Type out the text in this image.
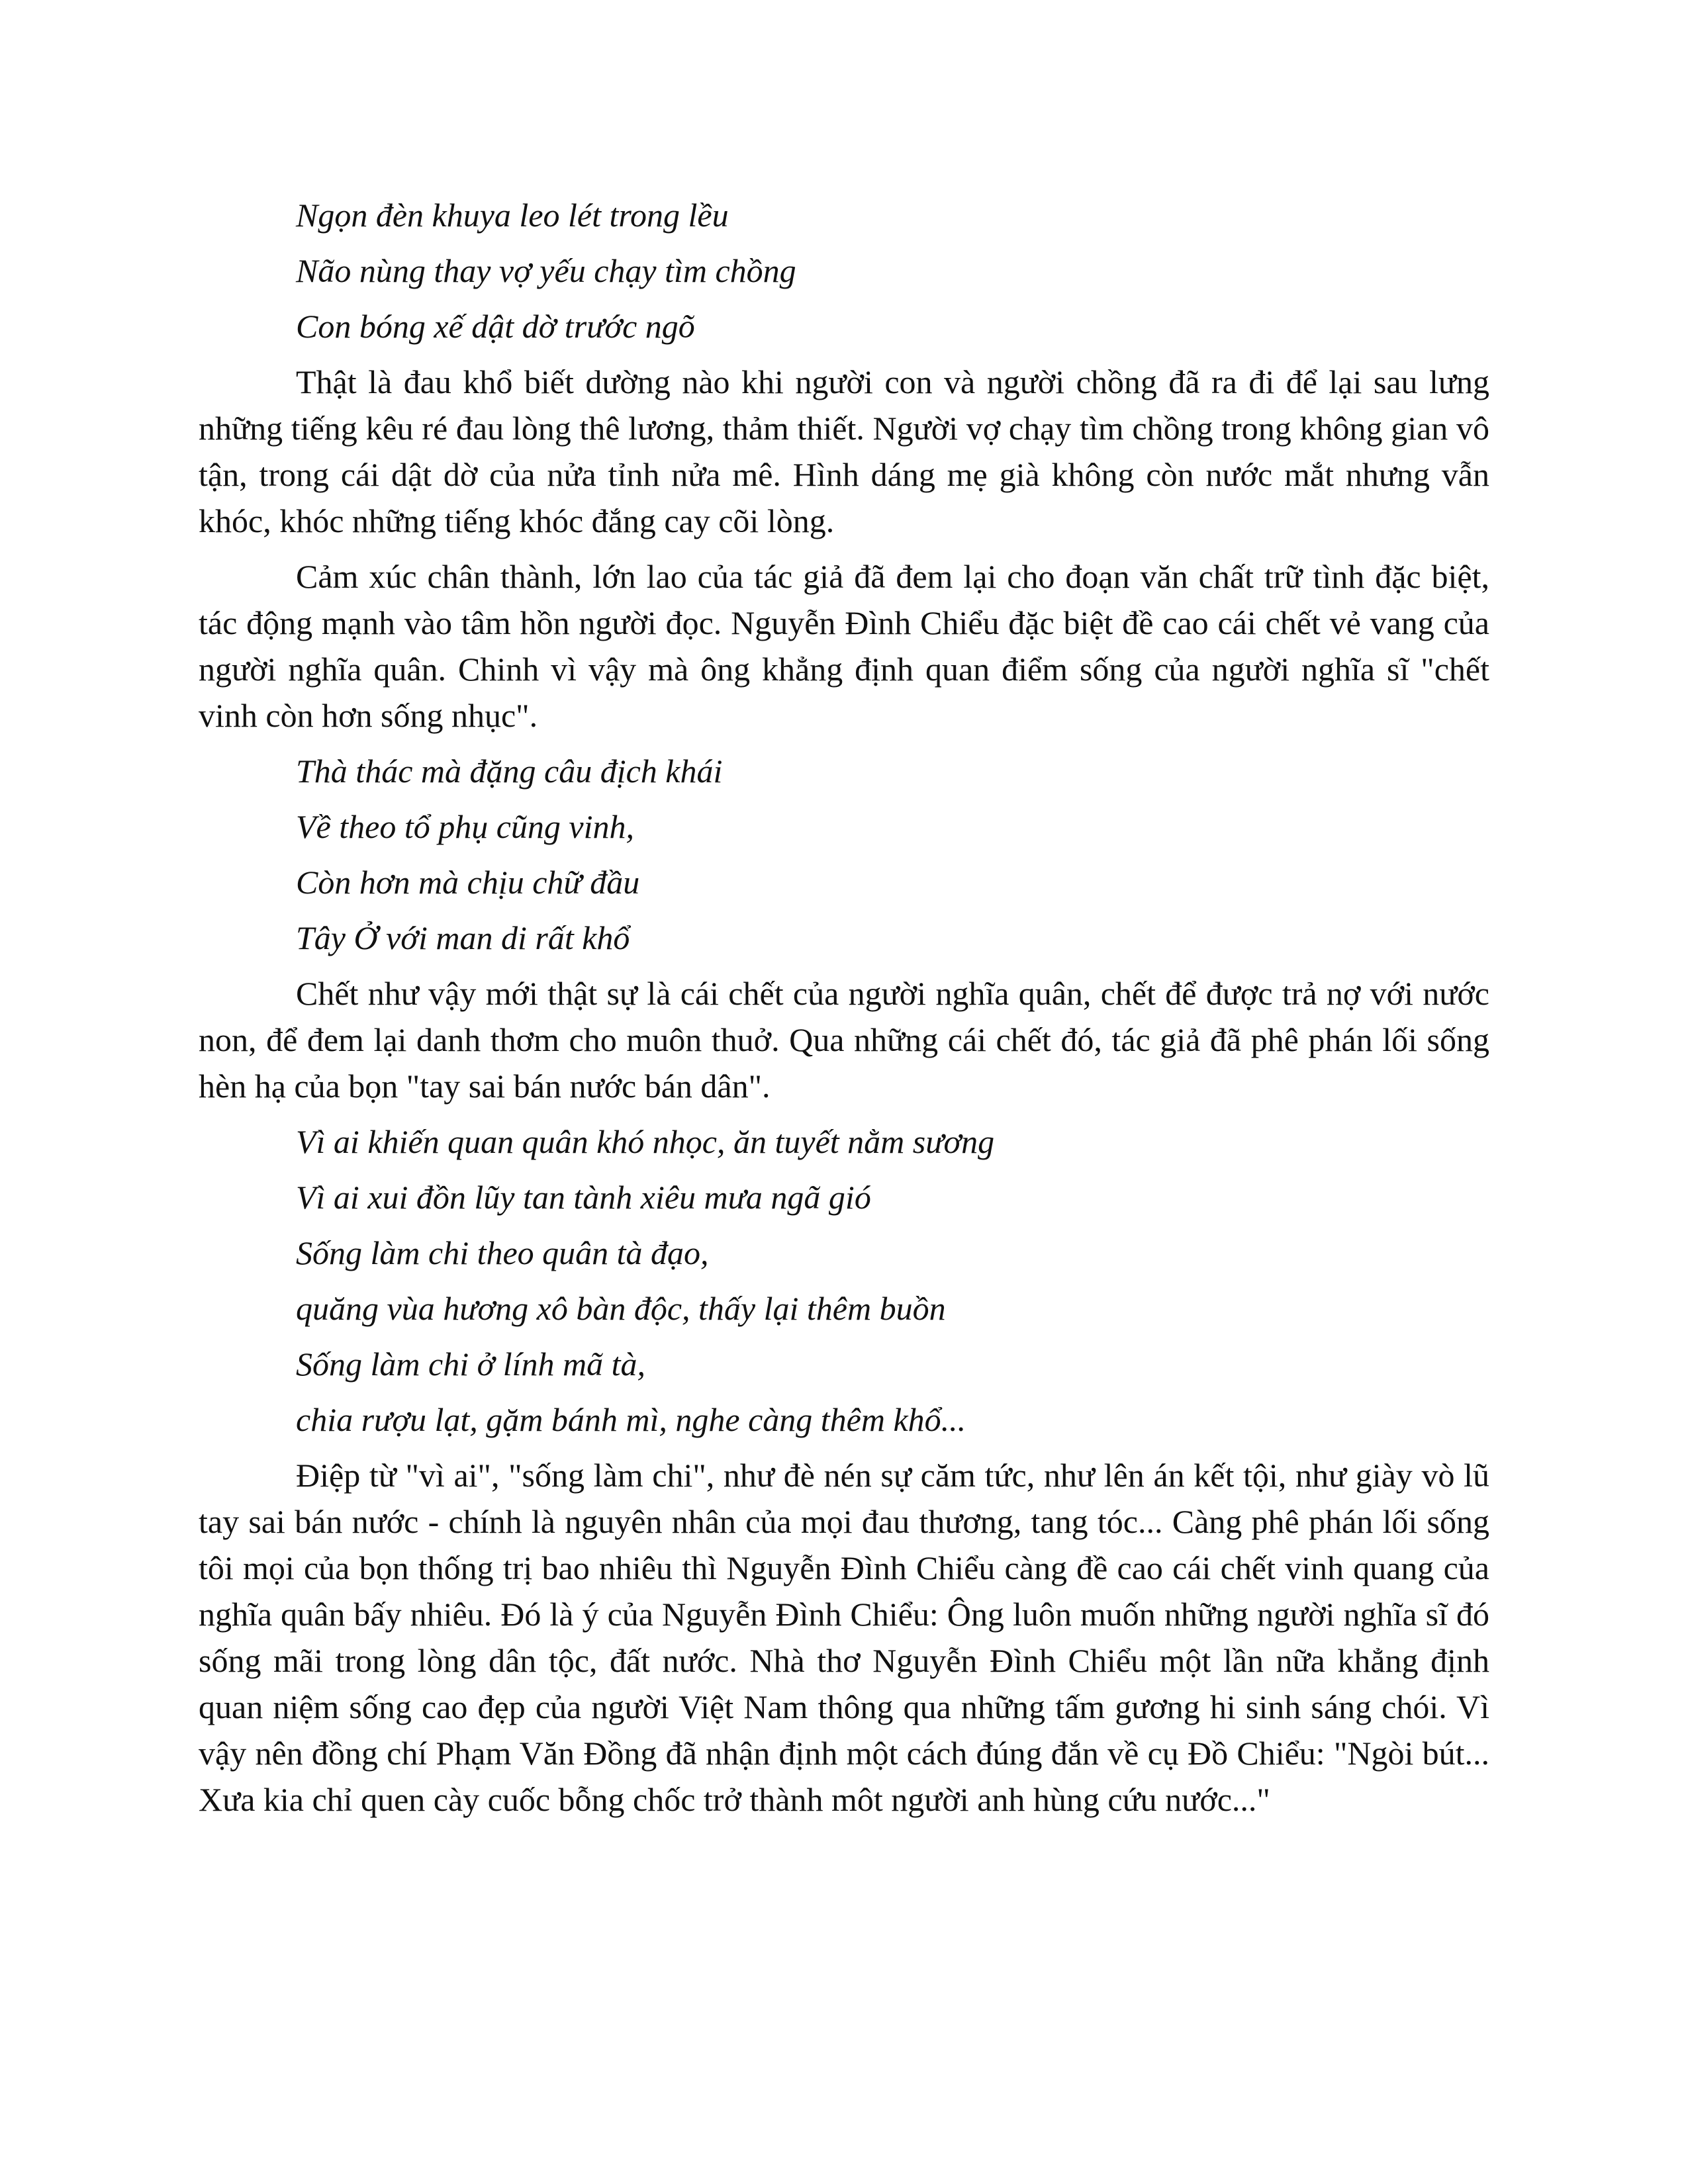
Ngọn đèn khuya leo lét trong lều

Não nùng thay vợ yếu chạy tìm chồng

Con bóng xế dật dờ trước ngõ

Thật là đau khổ biết dường nào khi người con và người chồng đã ra đi để lại sau lưng những tiếng kêu ré đau lòng thê lương, thảm thiết. Người vợ chạy tìm chồng trong không gian vô tận, trong cái dật dờ của nửa tỉnh nửa mê. Hình dáng mẹ già không còn nước mắt nhưng vẫn khóc, khóc những tiếng khóc đắng cay cõi lòng.

Cảm xúc chân thành, lớn lao của tác giả đã đem lại cho đoạn văn chất trữ tình đặc biệt, tác động mạnh vào tâm hồn người đọc. Nguyễn Đình Chiểu đặc biệt đề cao cái chết vẻ vang của người nghĩa quân. Chinh vì vậy mà ông khẳng định quan điểm sống của người nghĩa sĩ "chết vinh còn hơn sống nhục".

Thà thác mà đặng câu địch khái

Về theo tổ phụ cũng vinh,

Còn hơn mà chịu chữ đầu

Tây Ở với man di rất khổ

Chết như vậy mới thật sự là cái chết của người nghĩa quân, chết để được trả nợ với nước non, để đem lại danh thơm cho muôn thuở. Qua những cái chết đó, tác giả đã phê phán lối sống hèn hạ của bọn "tay sai bán nước bán dân".

Vì ai khiến quan quân khó nhọc, ăn tuyết nằm sương

Vì ai xui đồn lũy tan tành xiêu mưa ngã gió

Sống làm chi theo quân tà đạo,

quăng vùa hương xô bàn độc, thấy lại thêm buồn

Sống làm chi ở lính mã tà,

chia rượu lạt, gặm bánh mì, nghe càng thêm khổ...

Điệp từ "vì ai", "sống làm chi", như đè nén sự căm tức, như lên án kết tội, như giày vò lũ tay sai bán nước - chính là nguyên nhân của mọi đau thương, tang tóc... Càng phê phán lối sống tôi mọi của bọn thống trị bao nhiêu thì Nguyễn Đình Chiểu càng đề cao cái chết vinh quang của nghĩa quân bấy nhiêu. Đó là ý của Nguyễn Đình Chiểu: Ông luôn muốn những người nghĩa sĩ đó sống mãi trong lòng dân tộc, đất nước. Nhà thơ Nguyễn Đình Chiểu một lần nữa khẳng định quan niệm sống cao đẹp của người Việt Nam thông qua những tấm gương hi sinh sáng chói. Vì vậy nên đồng chí Phạm Văn Đồng đã nhận định một cách đúng đắn về cụ Đồ Chiểu: "Ngòi bút... Xưa kia chỉ quen cày cuốc bỗng chốc trở thành môt người anh hùng cứu nước..."
